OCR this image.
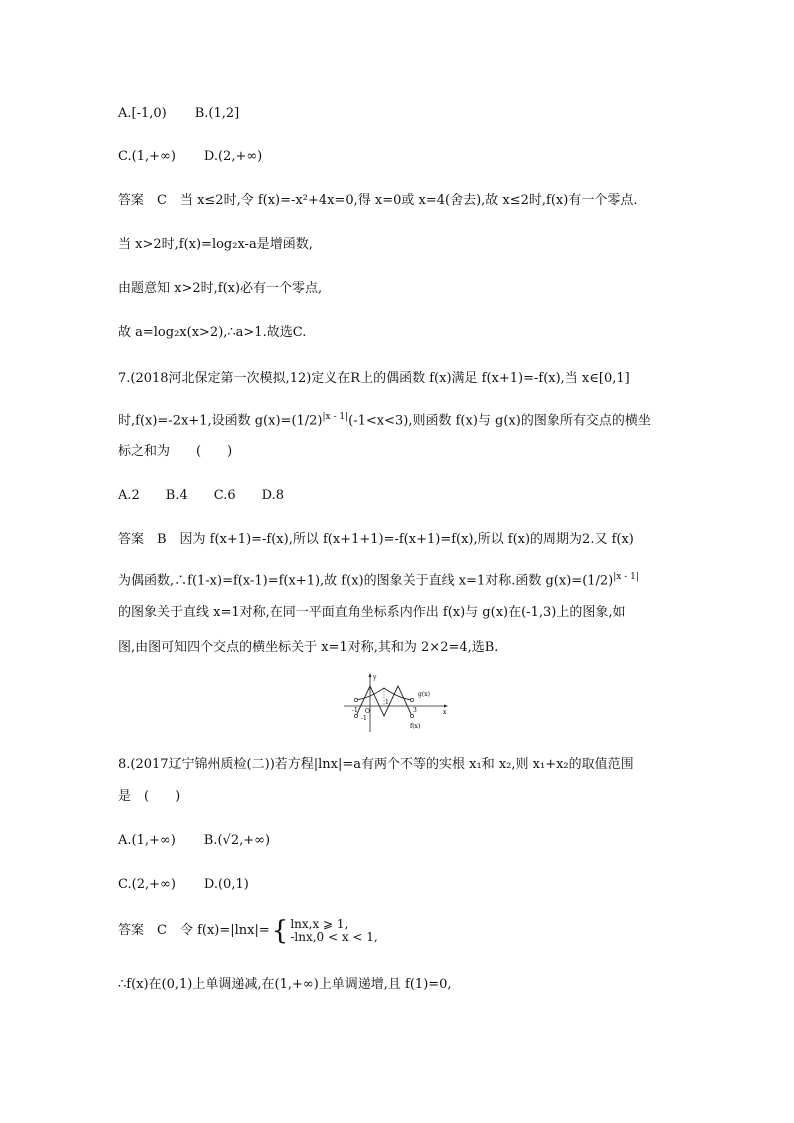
A.[-1,0) B.(1,2]
C.(1,+∞) D.(2,+∞)
答案　C　当 x≤2时,令 f(x)=-x²+4x=0,得 x=0或 x=4(舍去),故 x≤2时,f(x)有一个零点.
当 x>2时,f(x)=log₂x-a是增函数,
由题意知 x>2时,f(x)必有一个零点,
故 a=log₂x(x>2),∴a>1.故选C.
7.(2018河北保定第一次模拟,12)定义在R上的偶函数 f(x)满足 f(x+1)=-f(x),当 x∈[0,1]
时,f(x)=-2x+1,设函数 $g(x)=(1/2)^{|x - 1|}(-1<x<3)$,则函数 f(x)与 g(x)的图象所有交点的横坐
标之和为　　(　　)
A.2　　B.4　　C.6　　D.8
答案　B　因为 f(x+1)=-f(x),所以 f(x+1+1)=-f(x+1)=f(x),所以 f(x)的周期为2.又 f(x)
为偶函数,∴f(1-x)=f(x-1)=f(x+1),故 f(x)的图象关于直线 x=1对称.函数 $g(x)=(1/2)^{|x - 1|}$
的图象关于直线 x=1对称,在同一平面直角坐标系内作出 f(x)与 g(x)在(-1,3)上的图象,如
图,由图可知四个交点的横坐标关于 x=1对称,其和为 2×2=4,选B.
y
x
g(x)
f(x)
O
1
3
-1
-1
8.(2017辽宁锦州质检(二))若方程|lnx|=a有两个不等的实根 x₁和 x₂,则 x₁+x₂的取值范围
是　(　　)
A.(1,+∞) B.(√2,+∞)
C.(2,+∞) D.(0,1)
答案　C　令 f(x)=|lnx|= { lnx,x ⩾ 1,
-lnx,0 < x < 1,
∴f(x)在(0,1)上单调递减,在(1,+∞)上单调递增,且 f(1)=0,
